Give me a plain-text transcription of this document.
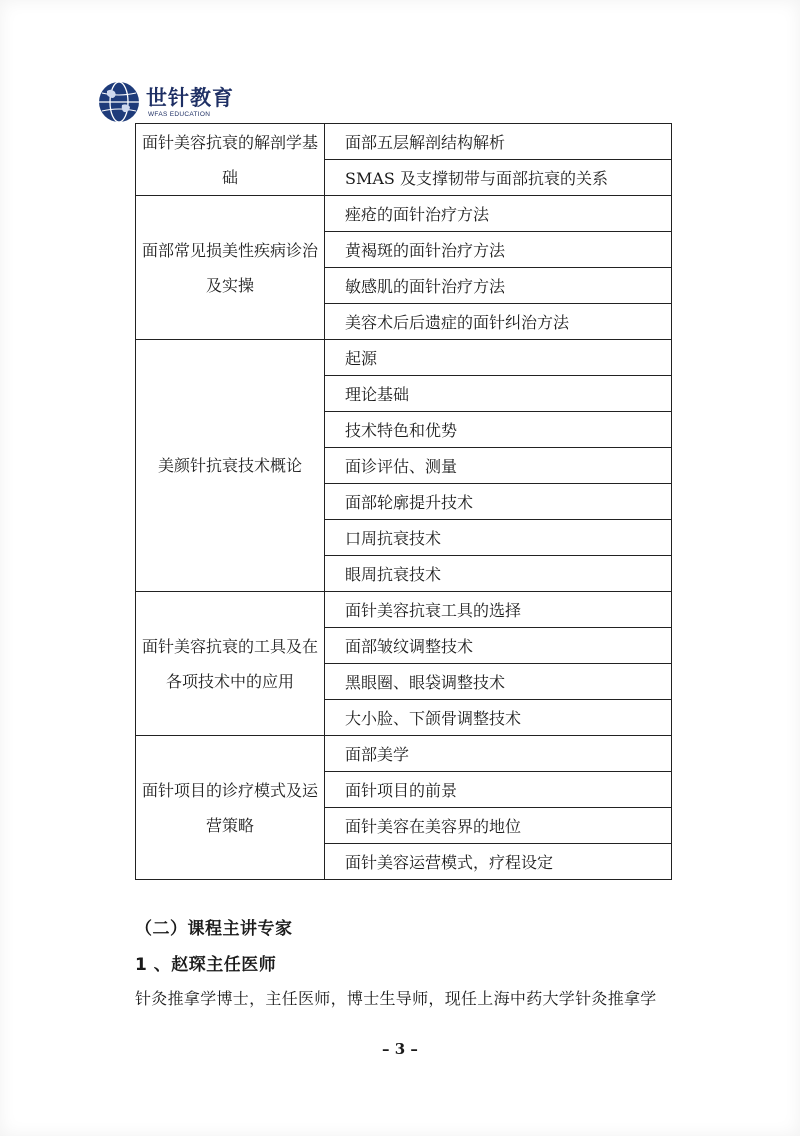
世针教育
WFAS EDUCATION
面针美容抗衰的解剖学基础	面部五层解剖结构解析
	SMAS 及支撑韧带与面部抗衰的关系

面部常见损美性疾病诊治及实操	痤疮的面针治疗方法
	黄褐斑的面针治疗方法
	敏感肌的面针治疗方法
	美容术后后遗症的面针纠治方法

美颜针抗衰技术概论	起源
	理论基础
	技术特色和优势
	面诊评估、测量
	面部轮廓提升技术
	口周抗衰技术
	眼周抗衰技术

面针美容抗衰的工具及在各项技术中的应用	面针美容抗衰工具的选择
	面部皱纹调整技术
	黑眼圈、眼袋调整技术
	大小脸、下颌骨调整技术

面针项目的诊疗模式及运营策略	面部美学
	面针项目的前景
	面针美容在美容界的地位
	面针美容运营模式，疗程设定
（二）课程主讲专家
1 、赵琛主任医师
针灸推拿学博士，主任医师，博士生导师，现任上海中药大学针灸推拿学
– 3 –
